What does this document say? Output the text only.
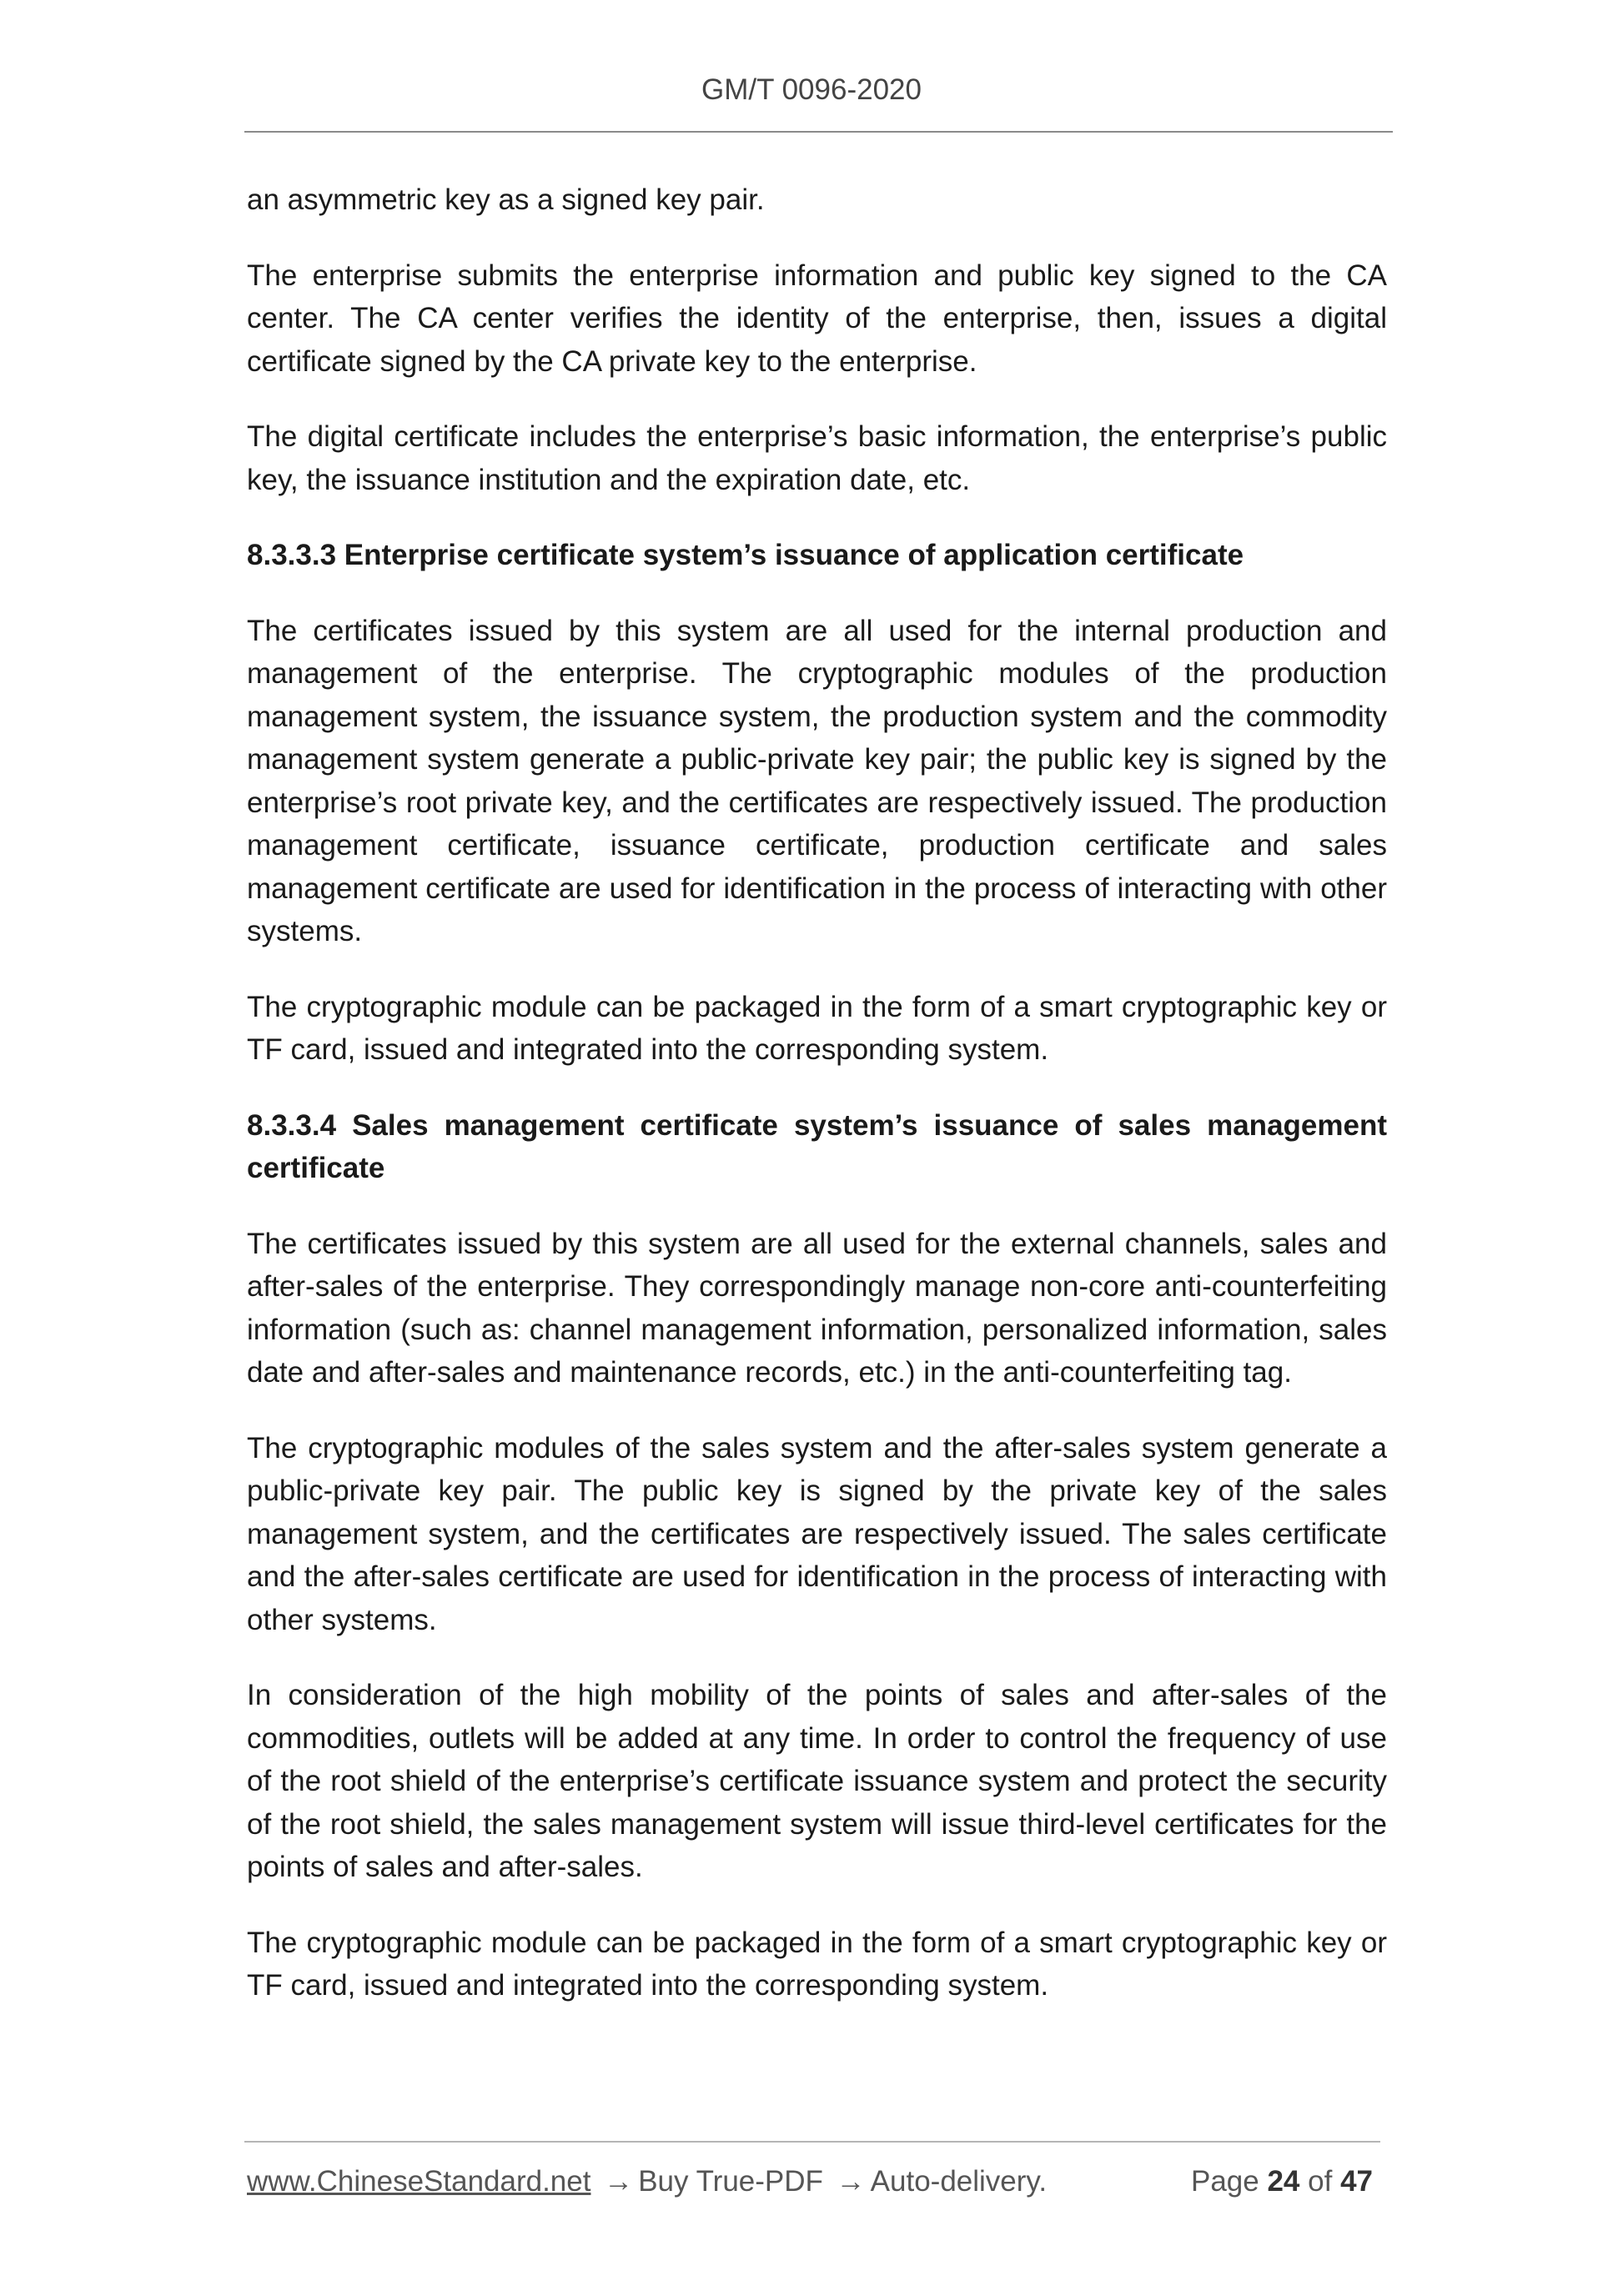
GM/T 0096-2020

an asymmetric key as a signed key pair.

The enterprise submits the enterprise information and public key signed to the CA center. The CA center verifies the identity of the enterprise, then, issues a digital certificate signed by the CA private key to the enterprise.

The digital certificate includes the enterprise’s basic information, the enterprise’s public key, the issuance institution and the expiration date, etc.

8.3.3.3 Enterprise certificate system’s issuance of application certificate

The certificates issued by this system are all used for the internal production and management of the enterprise. The cryptographic modules of the production management system, the issuance system, the production system and the commodity management system generate a public-private key pair; the public key is signed by the enterprise’s root private key, and the certificates are respectively issued. The production management certificate, issuance certificate, production certificate and sales management certificate are used for identification in the process of interacting with other systems.

The cryptographic module can be packaged in the form of a smart cryptographic key or TF card, issued and integrated into the corresponding system.

8.3.3.4 Sales management certificate system’s issuance of sales management certificate

The certificates issued by this system are all used for the external channels, sales and after-sales of the enterprise. They correspondingly manage non-core anti-counterfeiting information (such as: channel management information, personalized information, sales date and after-sales and maintenance records, etc.) in the anti-counterfeiting tag.

The cryptographic modules of the sales system and the after-sales system generate a public-private key pair. The public key is signed by the private key of the sales management system, and the certificates are respectively issued. The sales certificate and the after-sales certificate are used for identification in the process of interacting with other systems.

In consideration of the high mobility of the points of sales and after-sales of the commodities, outlets will be added at any time. In order to control the frequency of use of the root shield of the enterprise’s certificate issuance system and protect the security of the root shield, the sales management system will issue third-level certificates for the points of sales and after-sales.

The cryptographic module can be packaged in the form of a smart cryptographic key or TF card, issued and integrated into the corresponding system.

www.ChineseStandard.net → Buy True-PDF → Auto-delivery.	Page 24 of 47
